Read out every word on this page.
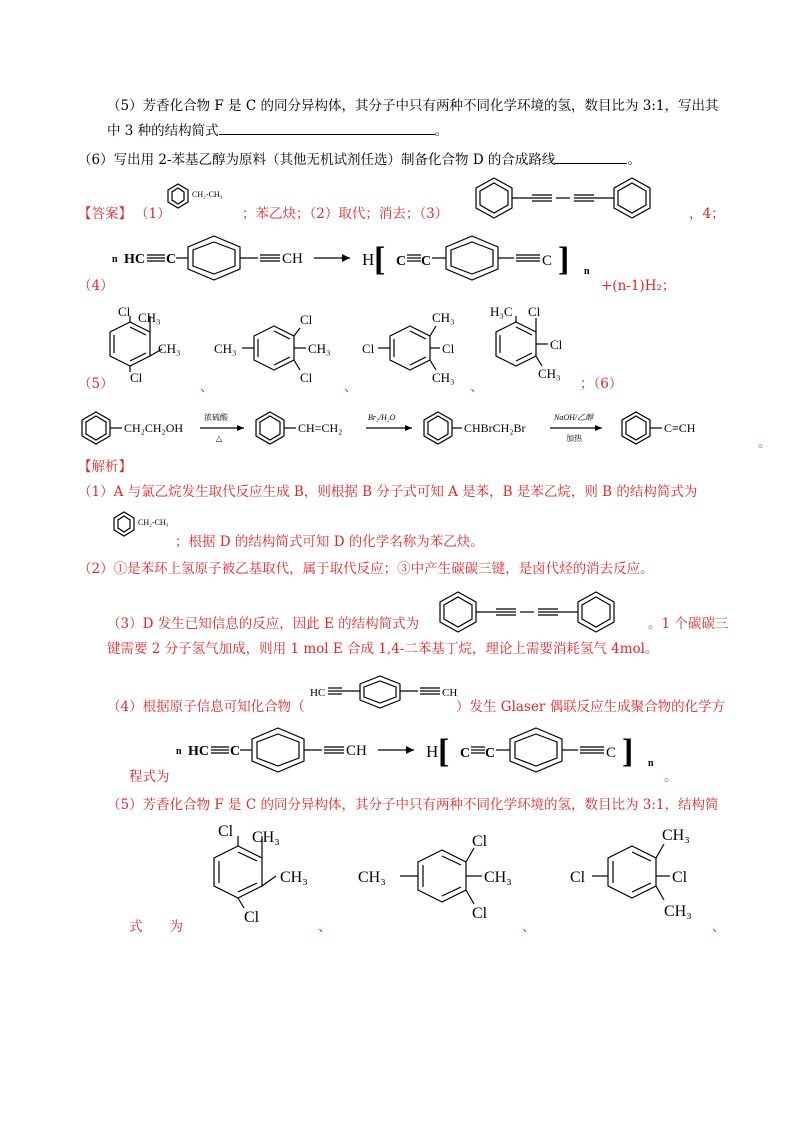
（5）芳香化合物 F 是 C 的同分异构体，其分子中只有两种不同化学环境的氢，数目比为 3:1，写出其
中 3 种的结构简式	。
（6）写出用 2-苯基乙醇为原料（其他无机试剂任选）制备化合物 D 的合成路线	。
【答案】 （1）
CH₂-CH₃
；苯乙炔；（2）取代；消去；（3）	，4；
n HC C	CH	H [ C C	C ] n
（4）	+(n-1)H₂；
Cl CH₃
CH₃
Cl
（5）	、
CH₃
Cl
CH₃
Cl
、
Cl
CH₃
Cl
CH₃
、
H₃C Cl
Cl
CH₃
；（6）
CH₂CH₂OH
浓硫酸
△
CH=CH₂
Br₂/H₂O
CHBrCH₂Br
NaOH/乙醇
加热
C≡CH
。
【解析】
（1）A 与氯乙烷发生取代反应生成 B，则根据 B 分子式可知 A 是苯，B 是苯乙烷，则 B 的结构简式为
CH₂-CH₃
；根据 D 的结构简式可知 D 的化学名称为苯乙炔。
（2）①是苯环上氢原子被乙基取代，属于取代反应；③中产生碳碳三键，是卤代烃的消去反应。
（3）D 发生已知信息的反应，因此 E 的结构简式为	。1 个碳碳三
键需要 2 分子氢气加成，则用 1 mol E 合成 1,4-二苯基丁烷，理论上需要消耗氢气 4mol。
HC	CH
（4）根据原子信息可知化合物（	）发生 Glaser 偶联反应生成聚合物的化学方
n HC C	CH	H [ C C	C ] n
程式为	。
（5）芳香化合物 F 是 C 的同分异构体，其分子中只有两种不同化学环境的氢，数目比为 3:1，结构简
Cl CH₃
CH₃
Cl
式　　为	、
CH₃
Cl
CH₃
Cl
、
Cl
CH₃
Cl
CH₃
、
